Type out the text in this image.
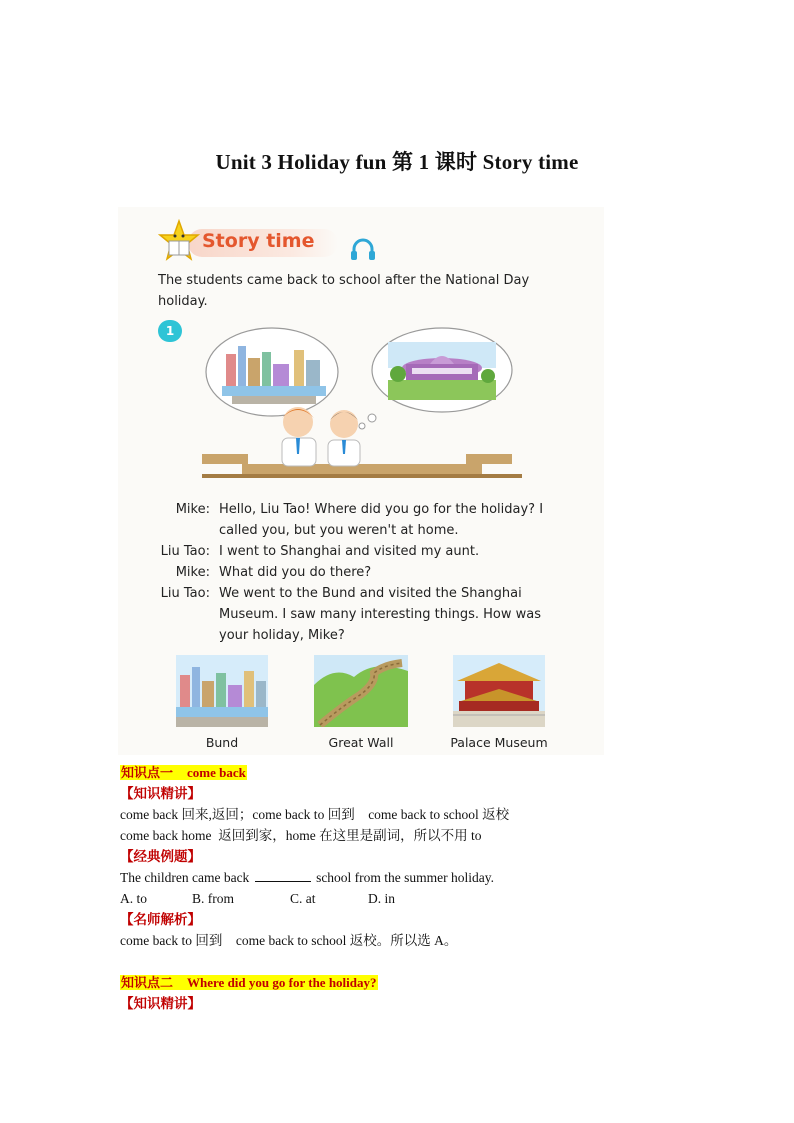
Unit 3 Holiday fun 第 1 课时 Story time
Story time
The students came back to school after the National Day holiday.
1
Mike: Hello, Liu Tao! Where did you go for the holiday? I called you, but you weren't at home.
Liu Tao: I went to Shanghai and visited my aunt.
Mike: What did you do there?
Liu Tao: We went to the Bund and visited the Shanghai Museum. I saw many interesting things. How was your holiday, Mike?
Bund	Great Wall	Palace Museum

知识点一 come back

【知识精讲】

come back 回来,返回；come back to 回到    come back to school 返校

come back home  返回到家，home 在这里是副词，所以不用 to

【经典例题】

The children came back	school from the summer holiday.

A. to	B. from	C. at	D. in

【名师解析】

come back to 回到    come back to school 返校。所以选 A。

知识点二 Where did you go for the holiday?

【知识精讲】
